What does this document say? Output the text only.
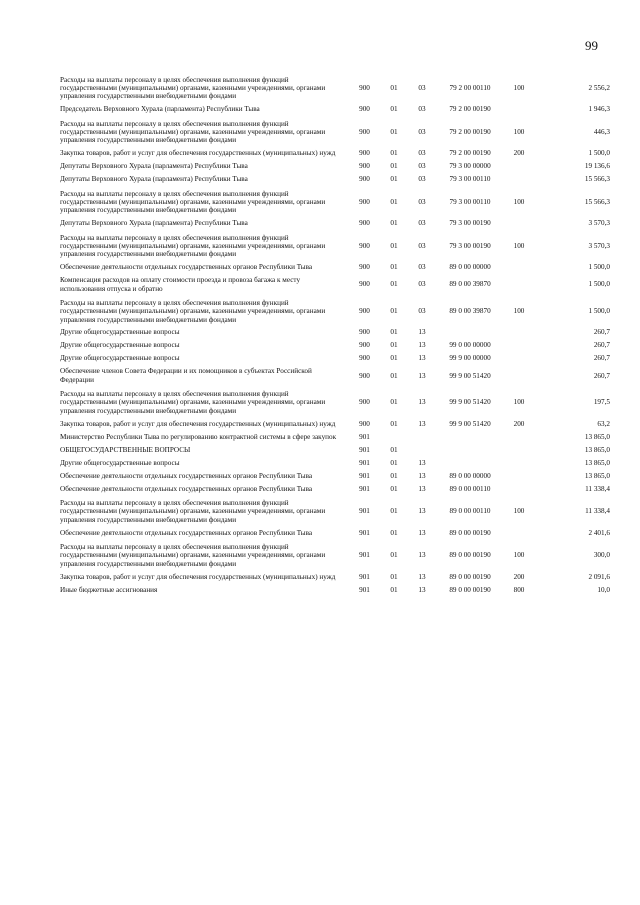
99
Расходы на выплаты персоналу в целях обеспечения выполнения функций государственными (муниципальными) органами, казенными учреждениями, органами управления государственными внебюджетными фондами	900	01	03	79 2 00 00110	100	2 556,2
Председатель Верховного Хурала (парламента) Республики Тыва	900	01	03	79 2 00 00190		1 946,3
Расходы на выплаты персоналу в целях обеспечения выполнения функций государственными (муниципальными) органами, казенными учреждениями, органами управления государственными внебюджетными фондами	900	01	03	79 2 00 00190	100	446,3
Закупка товаров, работ и услуг для обеспечения государственных (муниципальных) нужд	900	01	03	79 2 00 00190	200	1 500,0
Депутаты Верховного Хурала (парламента) Республики Тыва	900	01	03	79 3 00 00000		19 136,6
Депутаты Верховного Хурала (парламента) Республики Тыва	900	01	03	79 3 00 00110		15 566,3
Расходы на выплаты персоналу в целях обеспечения выполнения функций государственными (муниципальными) органами, казенными учреждениями, органами управления государственными внебюджетными фондами	900	01	03	79 3 00 00110	100	15 566,3
Депутаты Верховного Хурала (парламента) Республики Тыва	900	01	03	79 3 00 00190		3 570,3
Расходы на выплаты персоналу в целях обеспечения выполнения функций государственными (муниципальными) органами, казенными учреждениями, органами управления государственными внебюджетными фондами	900	01	03	79 3 00 00190	100	3 570,3
Обеспечение деятельности отдельных государственных органов Республики Тыва	900	01	03	89 0 00 00000		1 500,0
Компенсация расходов на оплату стоимости проезда и провоза багажа к месту использования отпуска и обратно	900	01	03	89 0 00 39870		1 500,0
Расходы на выплаты персоналу в целях обеспечения выполнения функций государственными (муниципальными) органами, казенными учреждениями, органами управления государственными внебюджетными фондами	900	01	03	89 0 00 39870	100	1 500,0
Другие общегосударственные вопросы	900	01	13			260,7
Другие общегосударственные вопросы	900	01	13	99 0 00 00000		260,7
Другие общегосударственные вопросы	900	01	13	99 9 00 00000		260,7
Обеспечение членов Совета Федерации и их помощников в субъектах Российской Федерации	900	01	13	99 9 00 51420		260,7
Расходы на выплаты персоналу в целях обеспечения выполнения функций государственными (муниципальными) органами, казенными учреждениями, органами управления государственными внебюджетными фондами	900	01	13	99 9 00 51420	100	197,5
Закупка товаров, работ и услуг для обеспечения государственных (муниципальных) нужд	900	01	13	99 9 00 51420	200	63,2
Министерство Республики Тыва по регулированию контрактной системы в сфере закупок	901					13 865,0
ОБЩЕГОСУДАРСТВЕННЫЕ ВОПРОСЫ	901	01				13 865,0
Другие общегосударственные вопросы	901	01	13			13 865,0
Обеспечение деятельности отдельных государственных органов Республики Тыва	901	01	13	89 0 00 00000		13 865,0
Обеспечение деятельности отдельных государственных органов Республики Тыва	901	01	13	89 0 00 00110		11 338,4
Расходы на выплаты персоналу в целях обеспечения выполнения функций государственными (муниципальными) органами, казенными учреждениями, органами управления государственными внебюджетными фондами	901	01	13	89 0 00 00110	100	11 338,4
Обеспечение деятельности отдельных государственных органов Республики Тыва	901	01	13	89 0 00 00190		2 401,6
Расходы на выплаты персоналу в целях обеспечения выполнения функций государственными (муниципальными) органами, казенными учреждениями, органами управления государственными внебюджетными фондами	901	01	13	89 0 00 00190	100	300,0
Закупка товаров, работ и услуг для обеспечения государственных (муниципальных) нужд	901	01	13	89 0 00 00190	200	2 091,6
Иные бюджетные ассигнования	901	01	13	89 0 00 00190	800	10,0
